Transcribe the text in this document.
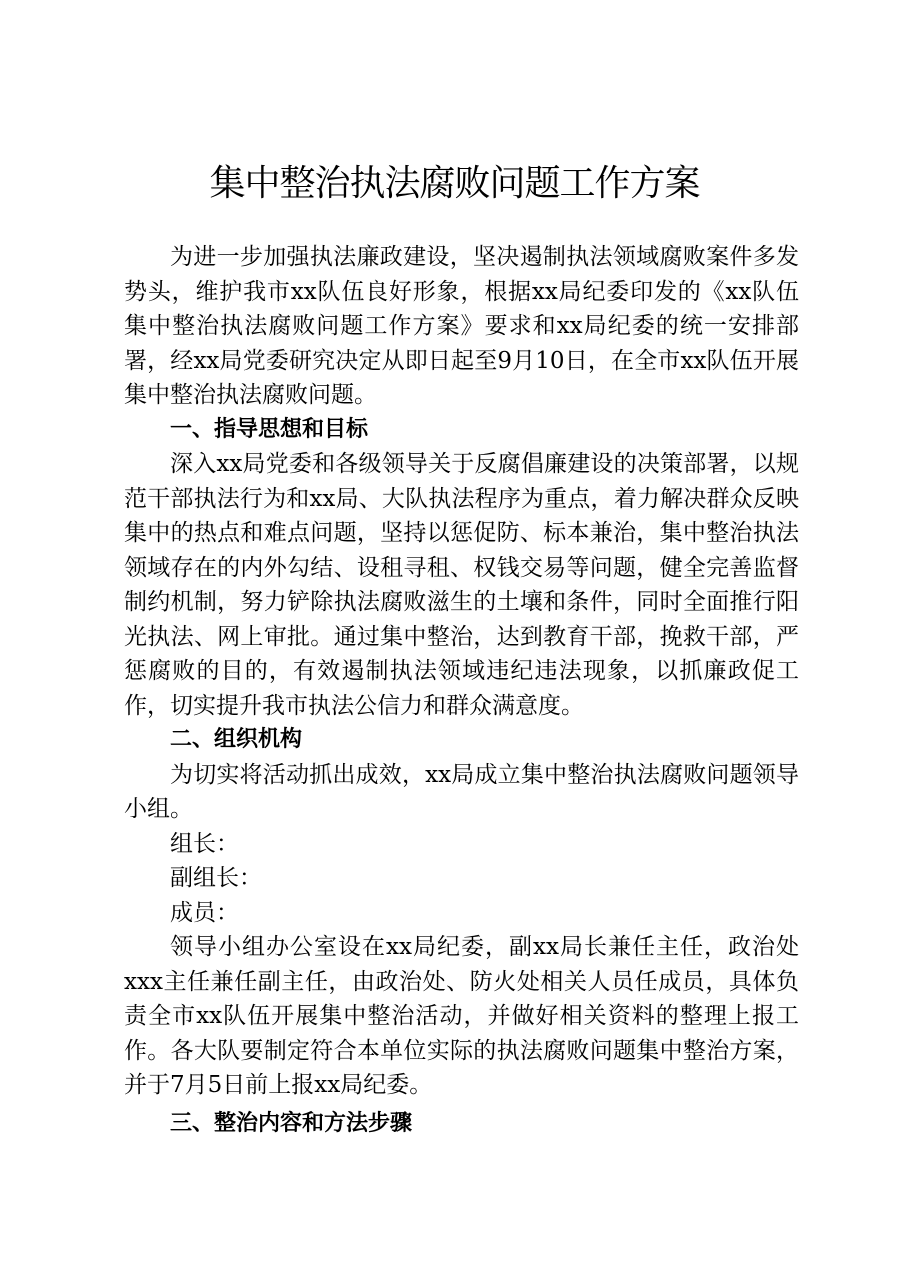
集中整治执法腐败问题工作方案

为进一步加强执法廉政建设，坚决遏制执法领域腐败案件多发势头，维护我市xx队伍良好形象，根据xx局纪委印发的《xx队伍集中整治执法腐败问题工作方案》要求和xx局纪委的统一安排部署，经xx局党委研究决定从即日起至9月10日，在全市xx队伍开展集中整治执法腐败问题。

一、指导思想和目标

深入xx局党委和各级领导关于反腐倡廉建设的决策部署，以规范干部执法行为和xx局、大队执法程序为重点，着力解决群众反映集中的热点和难点问题，坚持以惩促防、标本兼治，集中整治执法领域存在的内外勾结、设租寻租、权钱交易等问题，健全完善监督制约机制，努力铲除执法腐败滋生的土壤和条件，同时全面推行阳光执法、网上审批。通过集中整治，达到教育干部，挽救干部，严惩腐败的目的，有效遏制执法领域违纪违法现象，以抓廉政促工作，切实提升我市执法公信力和群众满意度。

二、组织机构

为切实将活动抓出成效，xx局成立集中整治执法腐败问题领导小组。

组长：

副组长：

成员：

领导小组办公室设在xx局纪委，副xx局长兼任主任，政治处xxx主任兼任副主任，由政治处、防火处相关人员任成员，具体负责全市xx队伍开展集中整治活动，并做好相关资料的整理上报工作。各大队要制定符合本单位实际的执法腐败问题集中整治方案，并于7月5日前上报xx局纪委。

三、整治内容和方法步骤
